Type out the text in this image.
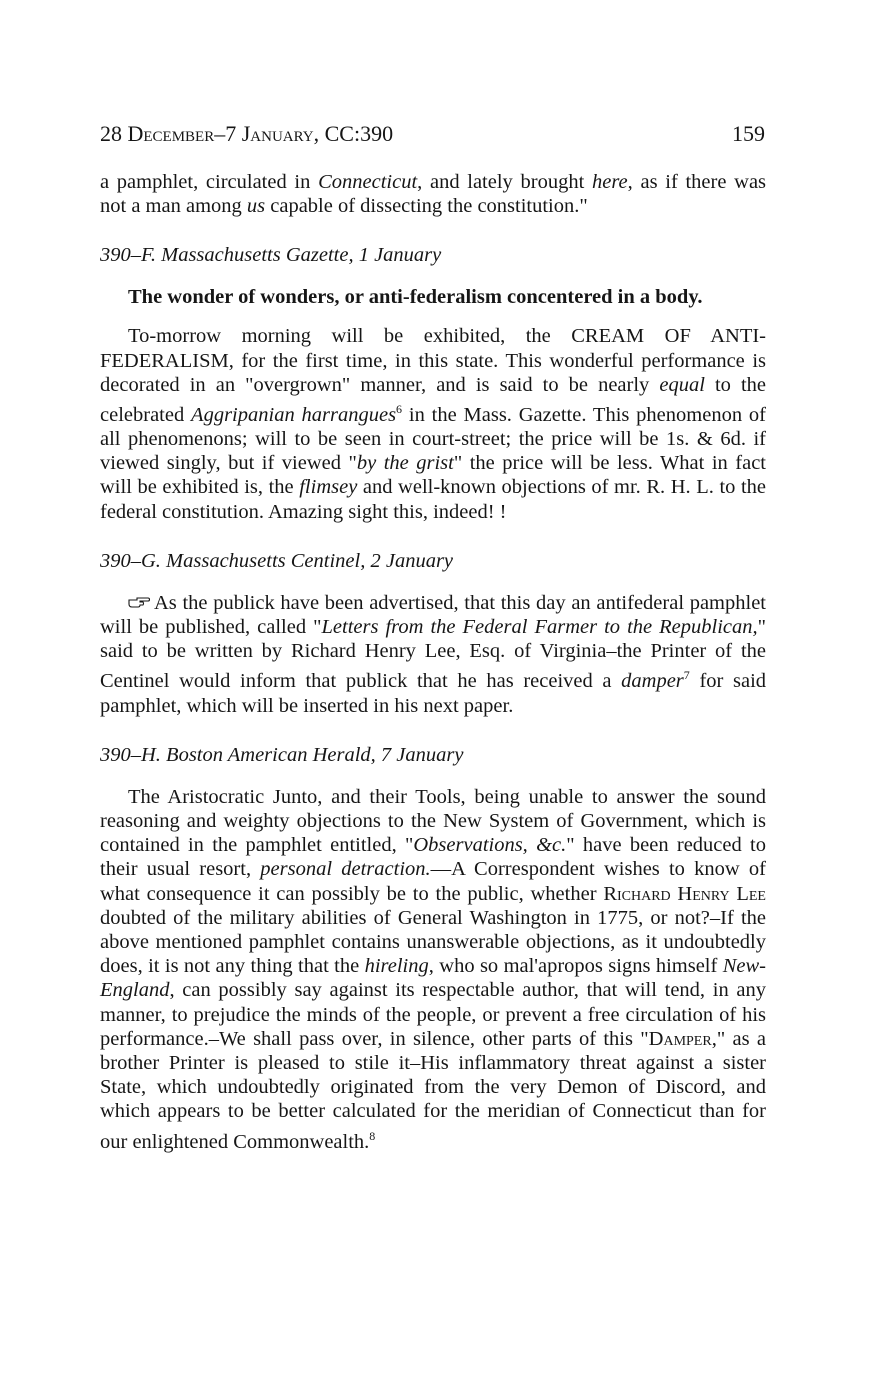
28 December–7 January, CC:390	159

a pamphlet, circulated in Connecticut, and lately brought here, as if there was not a man among us capable of dissecting the constitution."

390–F. Massachusetts Gazette, 1 January
The wonder of wonders, or anti-federalism concentered in a body.

To-morrow morning will be exhibited, the CREAM OF ANTI-FEDERALISM, for the first time, in this state. This wonderful performance is decorated in an "overgrown" manner, and is said to be nearly equal to the celebrated Aggripanian harrangues$^6$ in the Mass. Gazette. This phenomenon of all phenomenons; will to be seen in court-street; the price will be 1s. & 6d. if viewed singly, but if viewed "by the grist" the price will be less. What in fact will be exhibited is, the flimsey and well-known objections of mr. R. H. L. to the federal constitution. Amazing sight this, indeed! !

390–G. Massachusetts Centinel, 2 January

As the publick have been advertised, that this day an antifederal pamphlet will be published, called "Letters from the Federal Farmer to the Republican," said to be written by Richard Henry Lee, Esq. of Virginia–the Printer of the Centinel would inform that publick that he has received a damper$^7$ for said pamphlet, which will be inserted in his next paper.

390–H. Boston American Herald, 7 January

The Aristocratic Junto, and their Tools, being unable to answer the sound reasoning and weighty objections to the New System of Government, which is contained in the pamphlet entitled, "Observations, &c." have been reduced to their usual resort, personal detraction.—A Correspondent wishes to know of what consequence it can possibly be to the public, whether Richard Henry Lee doubted of the military abilities of General Washington in 1775, or not?–If the above mentioned pamphlet contains unanswerable objections, as it undoubtedly does, it is not any thing that the hireling, who so mal'apropos signs himself New-England, can possibly say against its respectable author, that will tend, in any manner, to prejudice the minds of the people, or prevent a free circulation of his performance.–We shall pass over, in silence, other parts of this "Damper," as a brother Printer is pleased to stile it–His inflammatory threat against a sister State, which undoubtedly originated from the very Demon of Discord, and which appears to be better calculated for the meridian of Connecticut than for our enlightened Commonwealth.$^8$
